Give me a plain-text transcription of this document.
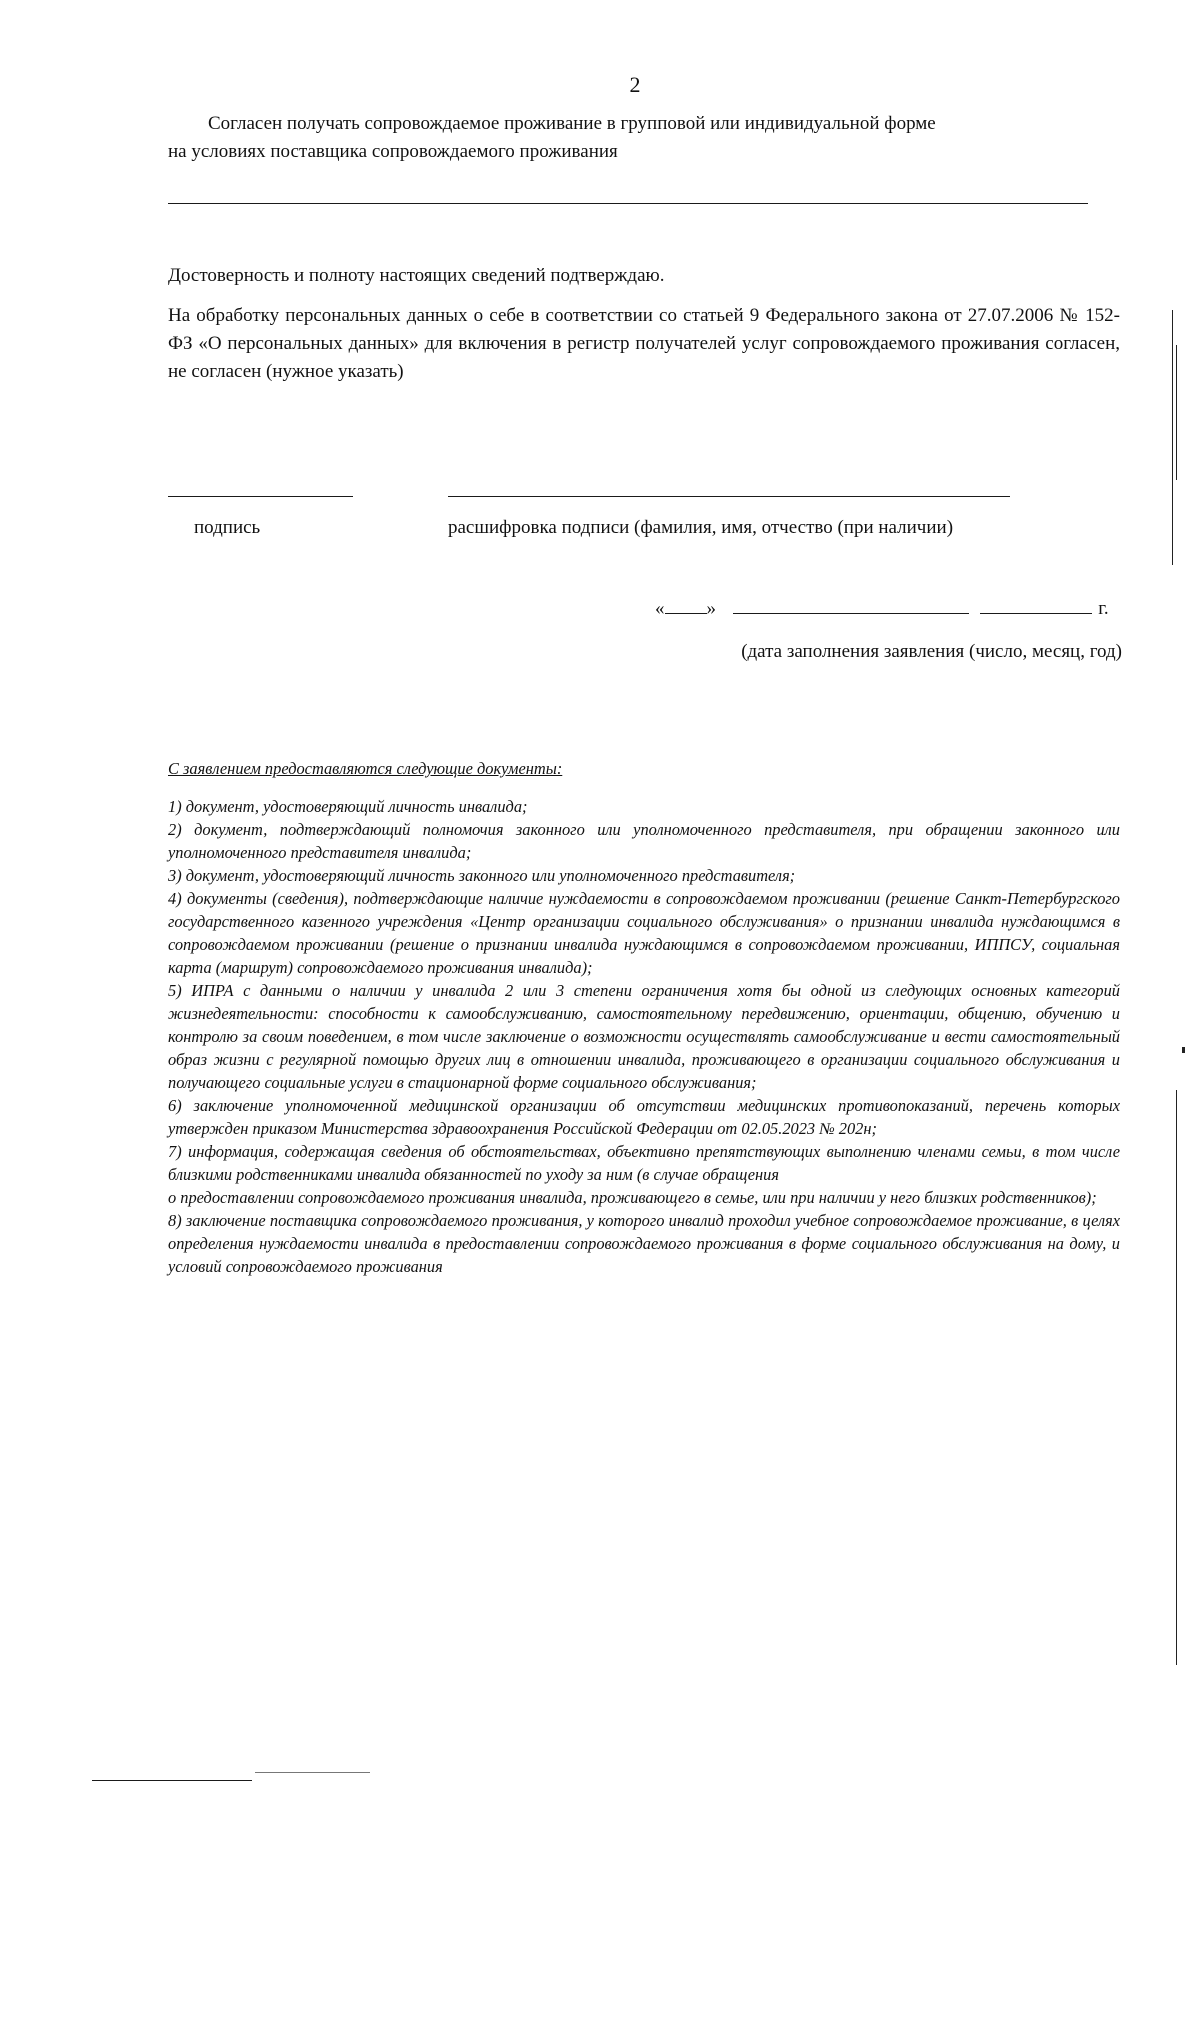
2
Согласен получать сопровождаемое проживание в групповой или индивидуальной форме
на условиях поставщика сопровождаемого проживания
Достоверность и полноту настоящих сведений подтверждаю.
На обработку персональных данных о себе в соответствии со статьей 9 Федерального закона от 27.07.2006 № 152-ФЗ «О персональных данных» для включения в регистр получателей услуг сопровождаемого проживания согласен, не согласен (нужное указать)
подпись	расшифровка подписи (фамилия, имя, отчество (при наличии)
« »	г.
(дата заполнения заявления (число, месяц, год)
С заявлением предоставляются следующие документы:
1) документ, удостоверяющий личность инвалида;
2) документ, подтверждающий полномочия законного или уполномоченного представителя, при обращении законного или уполномоченного представителя инвалида;
3) документ, удостоверяющий личность законного или уполномоченного представителя;
4) документы (сведения), подтверждающие наличие нуждаемости в сопровождаемом проживании (решение Санкт-Петербургского государственного казенного учреждения «Центр организации социального обслуживания» о признании инвалида нуждающимся в сопровождаемом проживании (решение о признании инвалида нуждающимся в сопровождаемом проживании, ИППСУ, социальная карта (маршрут) сопровождаемого проживания инвалида);
5) ИПРА с данными о наличии у инвалида 2 или 3 степени ограничения хотя бы одной из следующих основных категорий жизнедеятельности: способности к самообслуживанию, самостоятельному передвижению, ориентации, общению, обучению и контролю за своим поведением, в том числе заключение о возможности осуществлять самообслуживание и вести самостоятельный образ жизни с регулярной помощью других лиц в отношении инвалида, проживающего в организации социального обслуживания и получающего социальные услуги в стационарной форме социального обслуживания;
6) заключение уполномоченной медицинской организации об отсутствии медицинских противопоказаний, перечень которых утвержден приказом Министерства здравоохранения Российской Федерации от 02.05.2023 № 202н;
7) информация, содержащая сведения об обстоятельствах, объективно препятствующих выполнению членами семьи, в том числе близкими родственниками инвалида обязанностей по уходу за ним (в случае обращения
о предоставлении сопровождаемого проживания инвалида, проживающего в семье, или при наличии у него близких родственников);
8) заключение поставщика сопровождаемого проживания, у которого инвалид проходил учебное сопровождаемое проживание, в целях определения нуждаемости инвалида в предоставлении сопровождаемого проживания в форме социального обслуживания на дому, и условий сопровождаемого проживания
